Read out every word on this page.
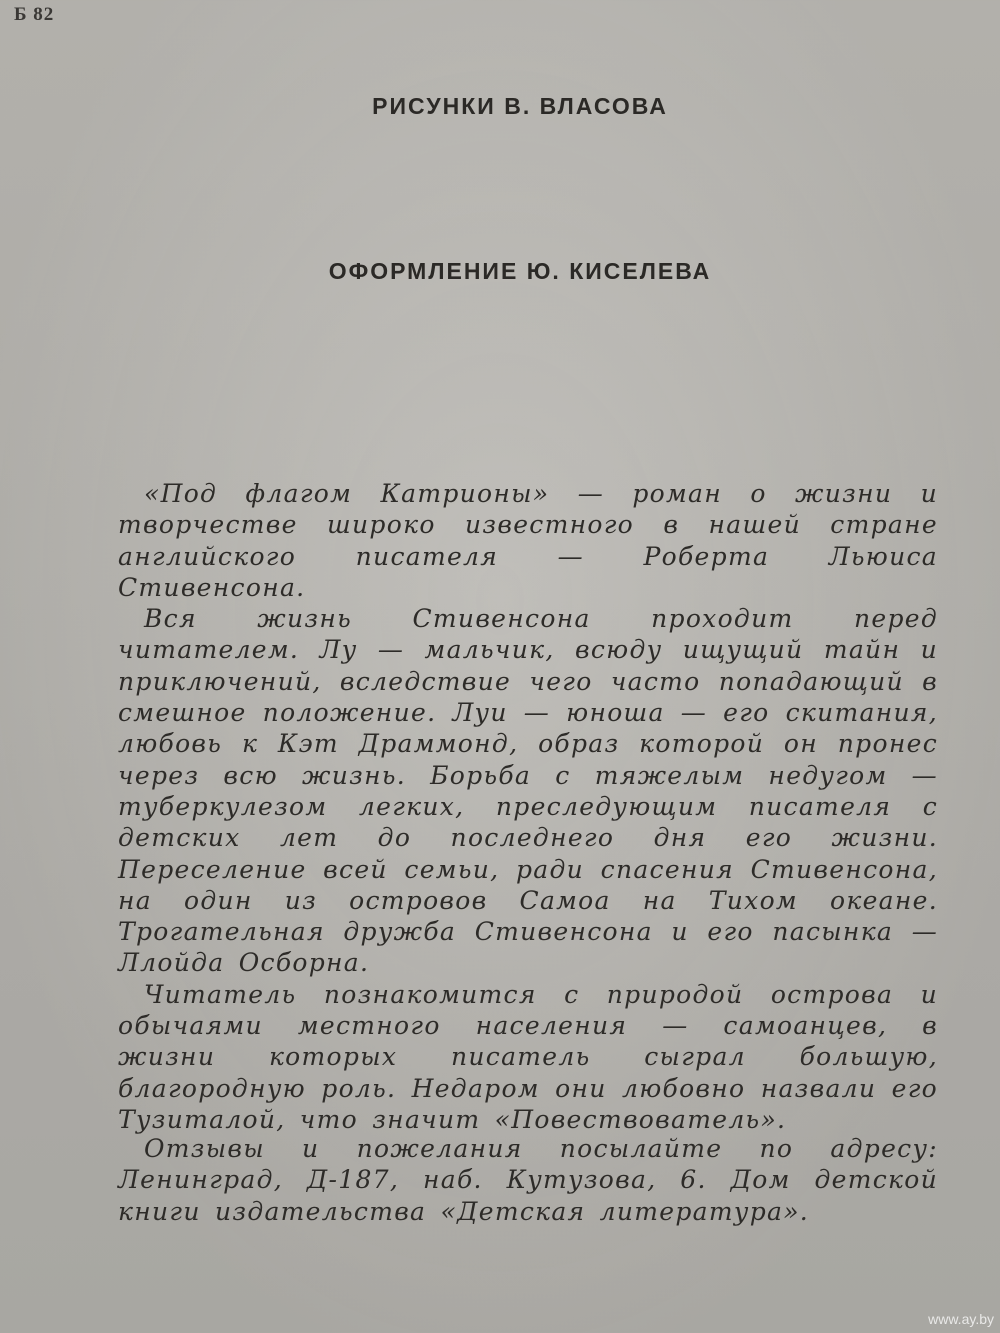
Б 82
РИСУНКИ В. ВЛАСОВА
ОФОРМЛЕНИЕ Ю. КИСЕЛЕВА

«Под флагом Катрионы» — роман о жизни и творчестве широко известного в нашей стране английского писателя — Роберта Льюиса Стивенсона.

Вся жизнь Стивенсона проходит перед читателем. Лу — мальчик, всюду ищущий тайн и приключений, вследствие чего часто попадающий в смешное положение. Луи — юноша — его скитания, любовь к Кэт Драммонд, образ которой он пронес через всю жизнь. Борьба с тяжелым недугом — туберкулезом легких, преследующим писателя с детских лет до последнего дня его жизни. Переселение всей семьи, ради спасения Стивенсона, на один из островов Самоа на Тихом океане. Трогательная дружба Стивенсона и его пасынка — Ллойда Осборна.

Читатель познакомится с природой острова и обычаями местного населения — самоанцев, в жизни которых писатель сыграл большую, благородную роль. Недаром они любовно назвали его Тузиталой, что значит «Повествователь».

Отзывы и пожелания посылайте по адресу: Ленинград, Д-187, наб. Кутузова, 6. Дом детской книги издательства «Детская литература».

www.ay.by
